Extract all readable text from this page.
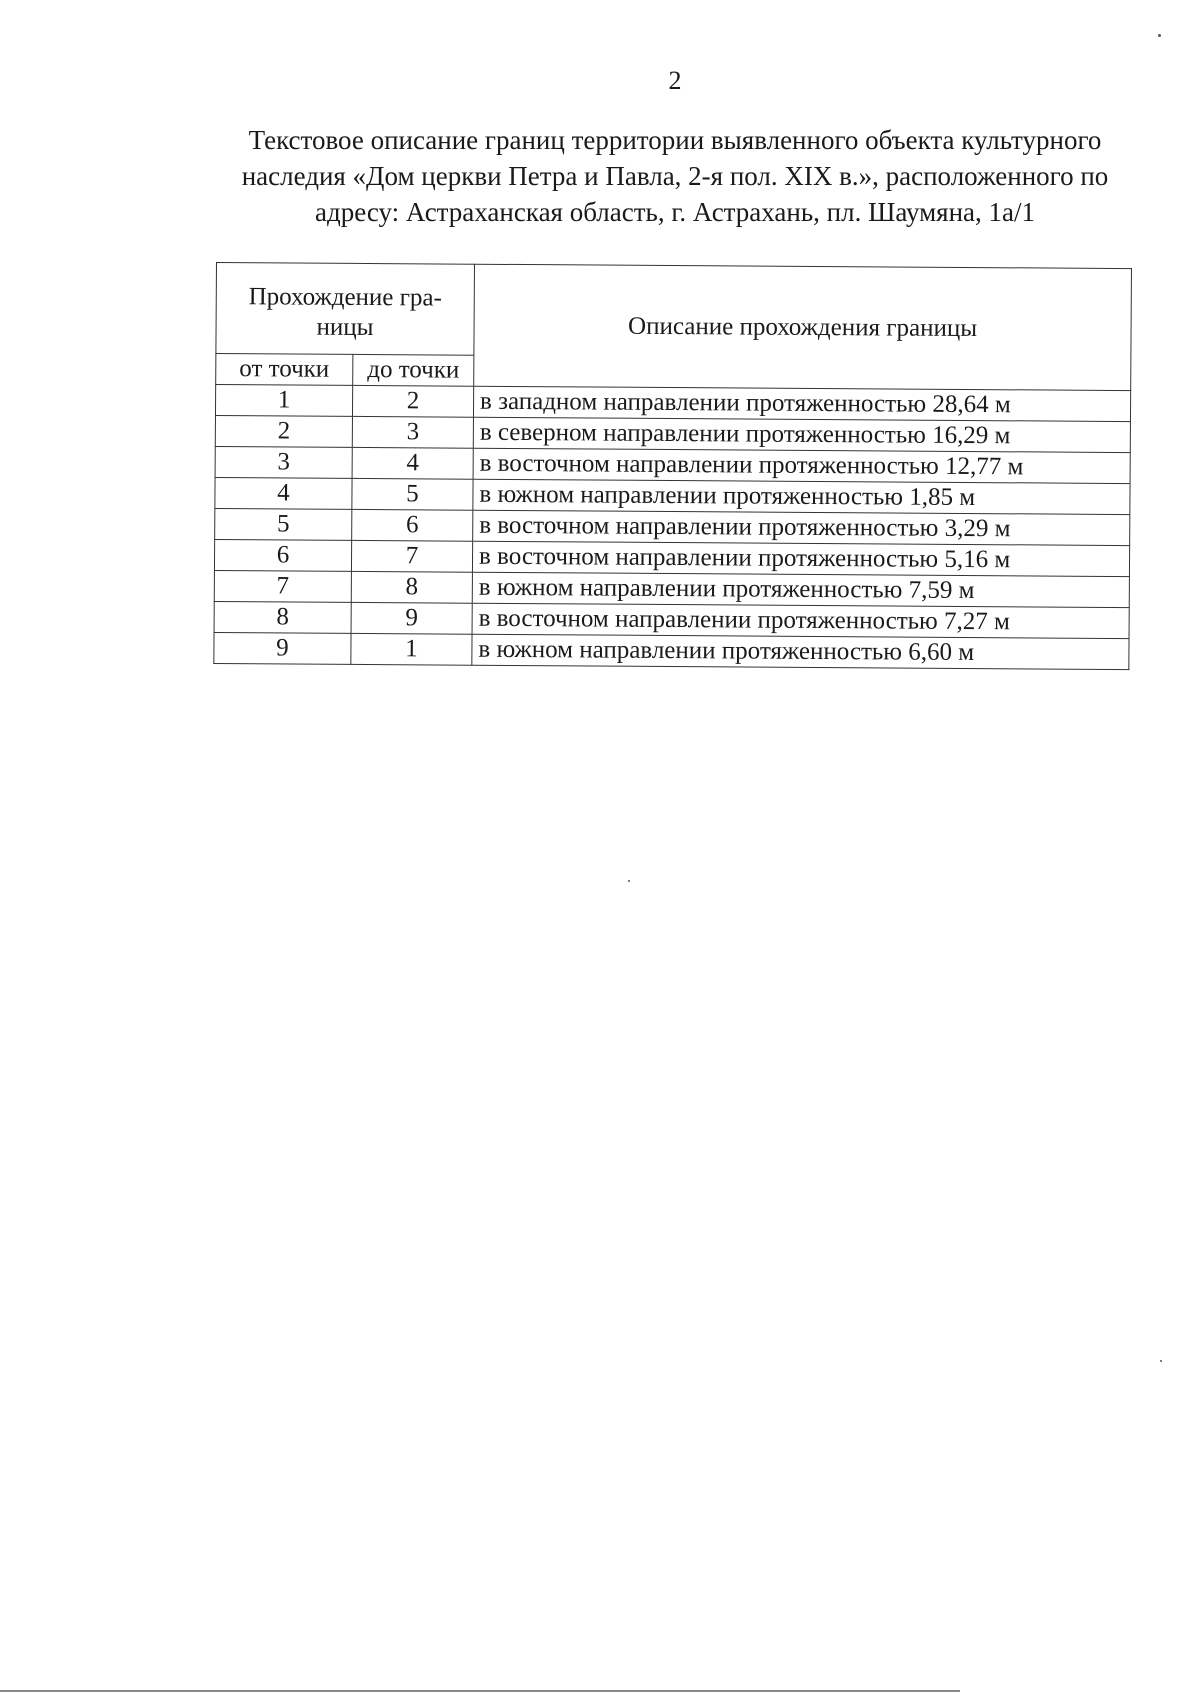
2
Текстовое описание границ территории выявленного объекта культурного
наследия «Дом церкви Петра и Павла, 2-я пол. XIX в.», расположенного по
адресу: Астраханская область, г. Астрахань, пл. Шаумяна, 1а/1
Прохождение гра-
ницы		Описание прохождения границы
от точки	до точки	
1	2	в западном направлении протяженностью 28,64 м
2	3	в северном направлении протяженностью 16,29 м
3	4	в восточном направлении протяженностью 12,77 м
4	5	в южном направлении протяженностью 1,85 м
5	6	в восточном направлении протяженностью 3,29 м
6	7	в восточном направлении протяженностью 5,16 м
7	8	в южном направлении протяженностью 7,59 м
8	9	в восточном направлении протяженностью 7,27 м
9	1	в южном направлении протяженностью 6,60 м
